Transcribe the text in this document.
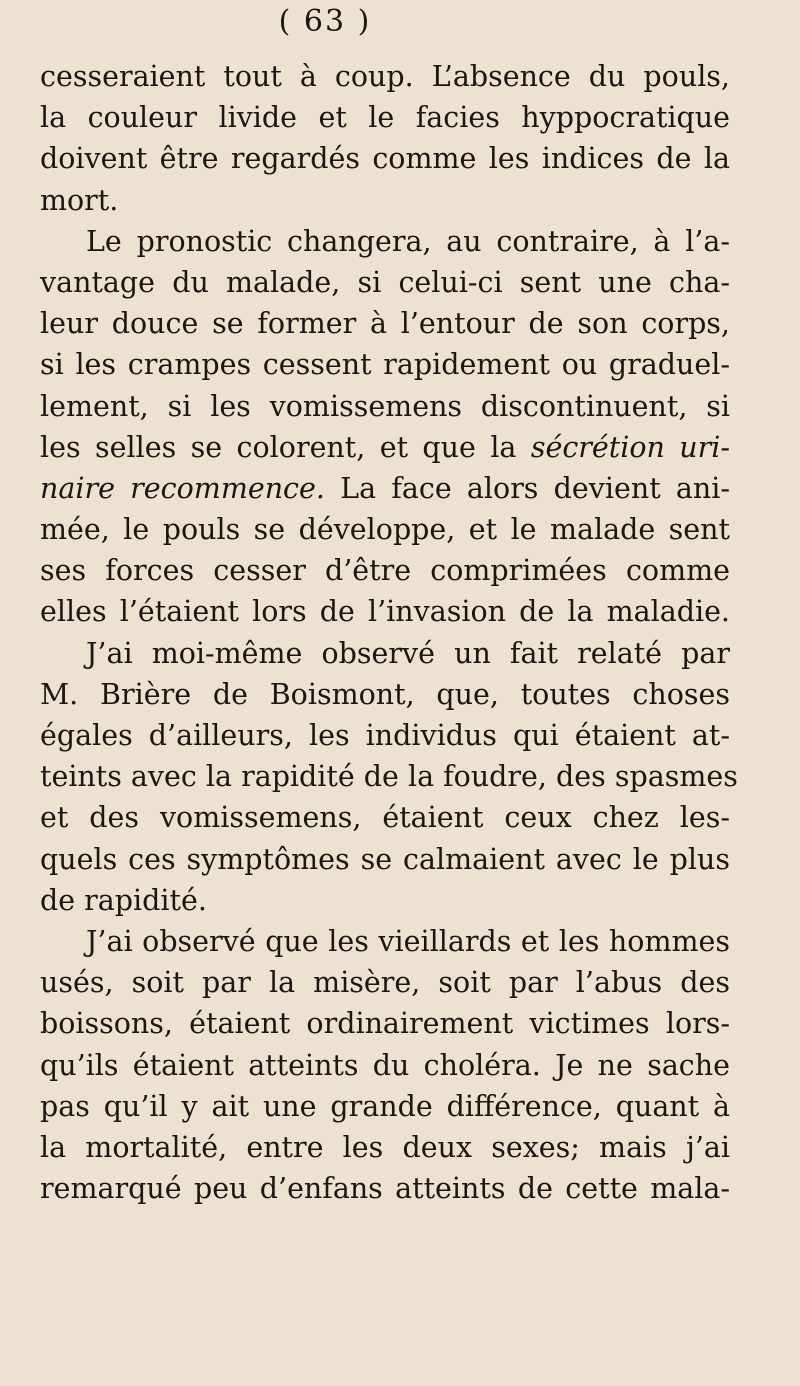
( 63 )
cesseraient tout à coup. L’absence du pouls,
la couleur livide et le facies hyppocratique
doivent être regardés comme les indices de la
mort.
Le pronostic changera, au contraire, à l’a-
vantage du malade, si celui-ci sent une cha-
leur douce se former à l’entour de son corps,
si les crampes cessent rapidement ou graduel-
lement, si les vomissemens discontinuent, si
les selles se colorent, et que la sécrétion uri-
naire recommence. La face alors devient ani-
mée, le pouls se développe, et le malade sent
ses forces cesser d’être comprimées comme
elles l’étaient lors de l’invasion de la maladie.
J’ai moi-même observé un fait relaté par
M. Brière de Boismont, que, toutes choses
égales d’ailleurs, les individus qui étaient at-
teints avec la rapidité de la foudre, des spasmes
et des vomissemens, étaient ceux chez les-
quels ces symptômes se calmaient avec le plus
de rapidité.
J’ai observé que les vieillards et les hommes
usés, soit par la misère, soit par l’abus des
boissons, étaient ordinairement victimes lors-
qu’ils étaient atteints du choléra. Je ne sache
pas qu’il y ait une grande différence, quant à
la mortalité, entre les deux sexes; mais j’ai
remarqué peu d’enfans atteints de cette mala-
